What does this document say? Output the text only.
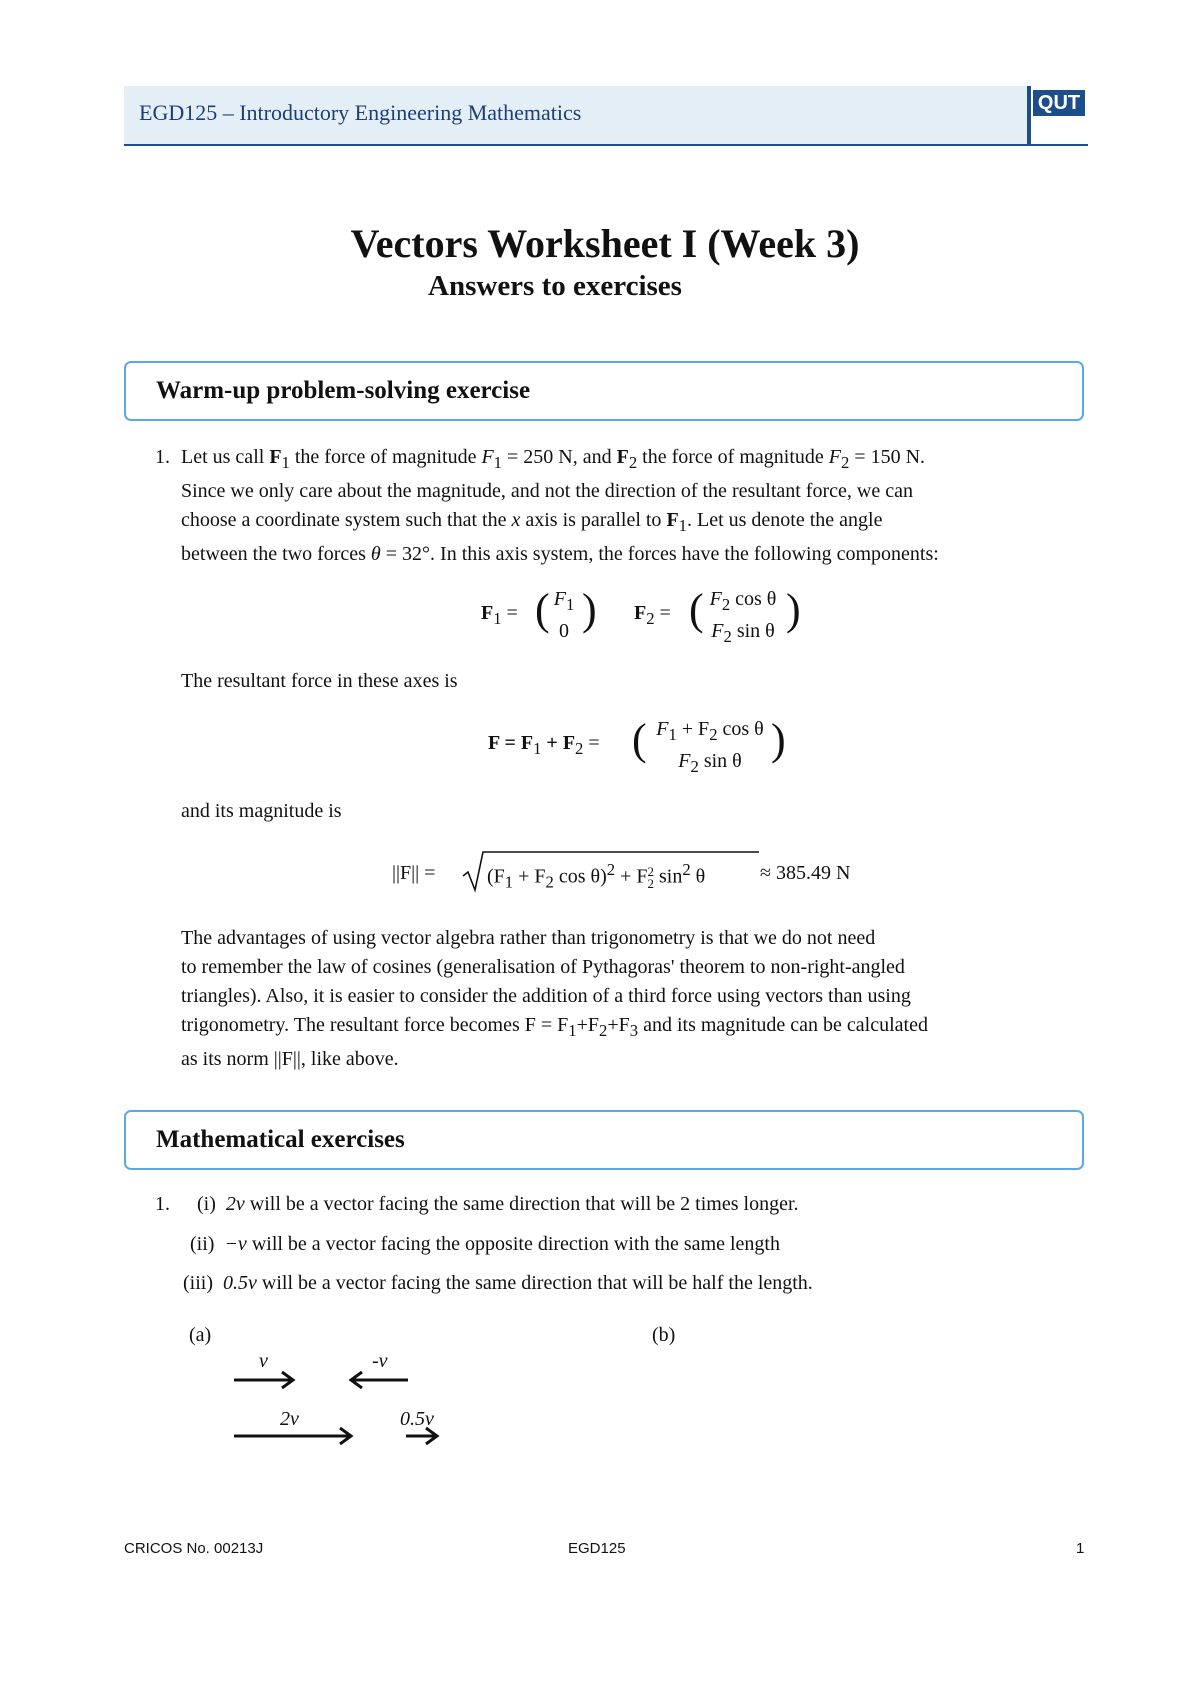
EGD125 – Introductory Engineering Mathematics	QUT
Vectors Worksheet I (Week 3)
Answers to exercises
Warm-up problem-solving exercise
1. Let us call $F_1$ the force of magnitude $F_1 = 250$ N, and $F_2$ the force of magnitude $F_2 = 150$ N.
Since we only care about the magnitude, and not the direction of the resultant force, we can
choose a coordinate system such that the x axis is parallel to $F_1$. Let us denote the angle
between the two forces θ = 32°. In this axis system, the forces have the following components:
$F_1$ = ( $F_1$
0 ) $F_2$ = ( $F_2$ cos θ
$F_2$ sin θ )
The resultant force in these axes is
$F = F_1 + F_2$ = ( $F_1 + F_2$ cos θ
$F_2$ sin θ )
and its magnitude is
||F|| =	($F_1 + F_2$ cos θ)$^2$ + F 2
2 $\sin^2 \theta$	≈ 385.49 N
The advantages of using vector algebra rather than trigonometry is that we do not need
to remember the law of cosines (generalisation of Pythagoras' theorem to non-right-angled
triangles). Also, it is easier to consider the addition of a third force using vectors than using
trigonometry. The resultant force becomes $F = F_1+F_2+F_3$ and its magnitude can be calculated
as its norm ||F||, like above.
Mathematical exercises
1. (i) 2v will be a vector facing the same direction that will be 2 times longer.
(ii) −v will be a vector facing the opposite direction with the same length
(iii) 0.5v will be a vector facing the same direction that will be half the length.
(a)	(b)
v	-v
2v	0.5v
CRICOS No. 00213J	EGD125	1
